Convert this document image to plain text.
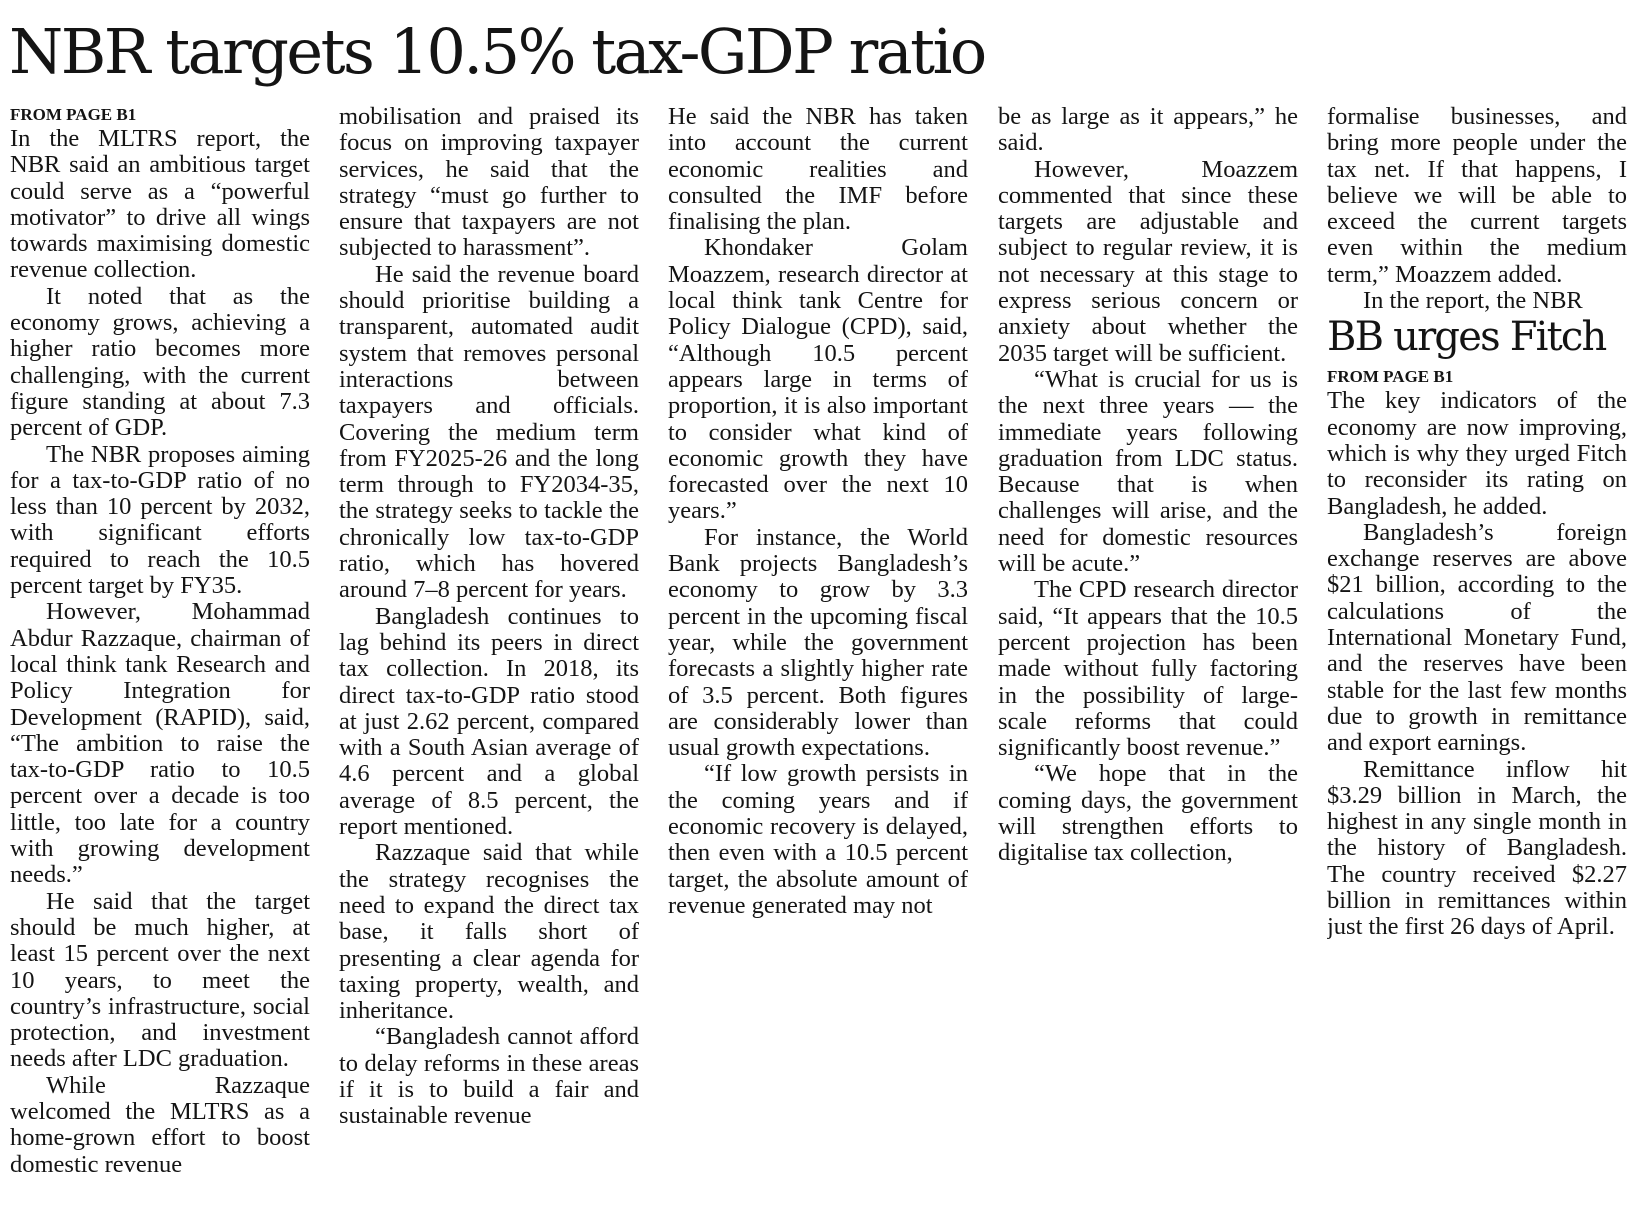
NBR targets 10.5% tax-GDP ratio
FROM PAGE B1

In the MLTRS report, the NBR said an ambitious target could serve as a “powerful motivator” to drive all wings towards maximising domestic revenue collection.

It noted that as the economy grows, achieving a higher ratio becomes more challenging, with the current figure standing at about 7.3 percent of GDP.

The NBR proposes aiming for a tax-to-GDP ratio of no less than 10 percent by 2032, with significant efforts required to reach the 10.5 percent target by FY35.

However, Mohammad Abdur Razzaque, chairman of local think tank Research and Policy Integration for Development (RAPID), said, “The ambition to raise the tax-to-GDP ratio to 10.5 percent over a decade is too little, too late for a country with growing development needs.”

He said that the target should be much higher, at least 15 percent over the next 10 years, to meet the country’s infrastructure, social protection, and investment needs after LDC graduation.

While Razzaque welcomed the MLTRS as a home-grown effort to boost domestic revenue

mobilisation and praised its focus on improving taxpayer services, he said that the strategy “must go further to ensure that taxpayers are not subjected to harassment”.

He said the revenue board should prioritise building a transparent, automated audit system that removes personal interactions between taxpayers and officials. Covering the medium term from FY2025-26 and the long term through to FY2034-35, the strategy seeks to tackle the chronically low tax-to-GDP ratio, which has hovered around 7–8 percent for years.

Bangladesh continues to lag behind its peers in direct tax collection. In 2018, its direct tax-to-GDP ratio stood at just 2.62 percent, compared with a South Asian average of 4.6 percent and a global average of 8.5 percent, the report mentioned.

Razzaque said that while the strategy recognises the need to expand the direct tax base, it falls short of presenting a clear agenda for taxing property, wealth, and inheritance.

“Bangladesh cannot afford to delay reforms in these areas if it is to build a fair and sustainable revenue

He said the NBR has taken into account the current economic realities and consulted the IMF before finalising the plan.

Khondaker Golam Moazzem, research director at local think tank Centre for Policy Dialogue (CPD), said, “Although 10.5 percent appears large in terms of proportion, it is also important to consider what kind of economic growth they have forecasted over the next 10 years.”

For instance, the World Bank projects Bangladesh’s economy to grow by 3.3 percent in the upcoming fiscal year, while the government forecasts a slightly higher rate of 3.5 percent. Both figures are considerably lower than usual growth expectations.

“If low growth persists in the coming years and if economic recovery is delayed, then even with a 10.5 percent target, the absolute amount of revenue generated may not

be as large as it appears,” he said.

However, Moazzem commented that since these targets are adjustable and subject to regular review, it is not necessary at this stage to express serious concern or anxiety about whether the 2035 target will be sufficient.

“What is crucial for us is the next three years — the immediate years following graduation from LDC status. Because that is when challenges will arise, and the need for domestic resources will be acute.”

The CPD research director said, “It appears that the 10.5 percent projection has been made without fully factoring in the possibility of large-scale reforms that could significantly boost revenue.”

“We hope that in the coming days, the government will strengthen efforts to digitalise tax collection,

formalise businesses, and bring more people under the tax net. If that happens, I believe we will be able to exceed the current targets even within the medium term,” Moazzem added.

In the report, the NBR

BB urges Fitch
FROM PAGE B1

The key indicators of the economy are now improving, which is why they urged Fitch to reconsider its rating on Bangladesh, he added.

Bangladesh’s foreign exchange reserves are above $21 billion, according to the calculations of the International Monetary Fund, and the reserves have been stable for the last few months due to growth in remittance and export earnings.

Remittance inflow hit $3.29 billion in March, the highest in any single month in the history of Bangladesh. The country received $2.27 billion in remittances within just the first 26 days of April.
